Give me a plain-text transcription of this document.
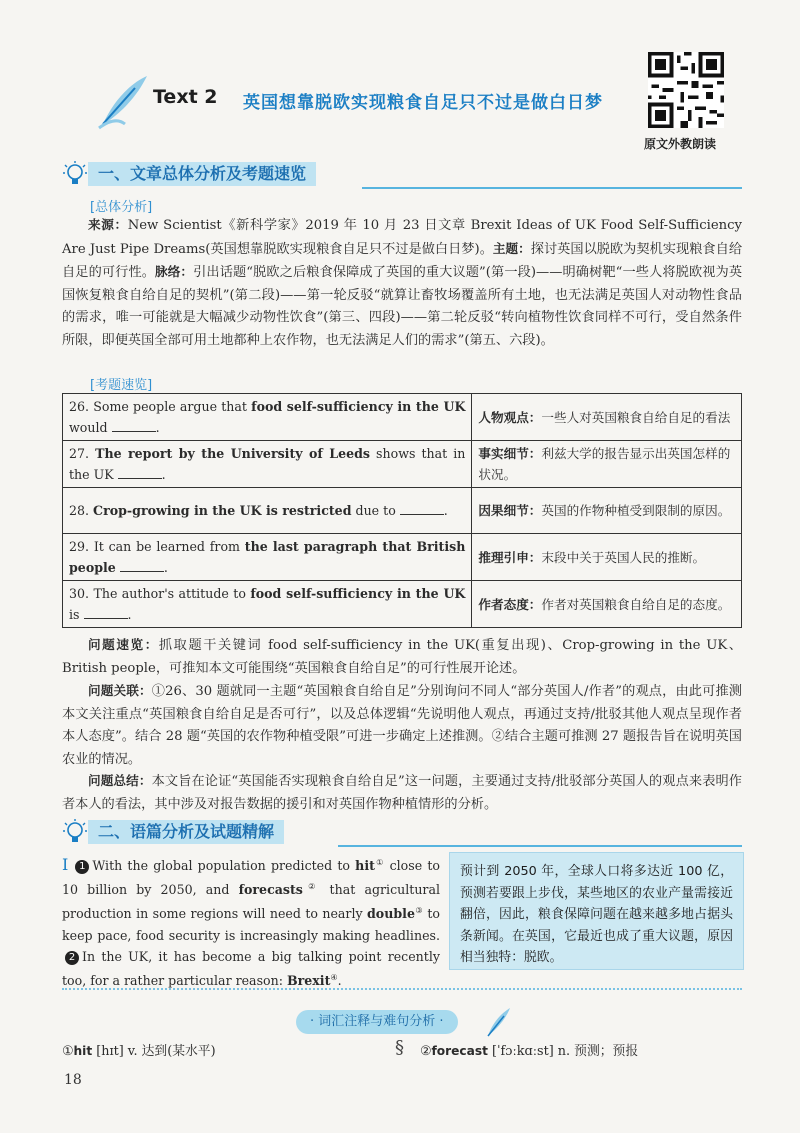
Text 2 英国想靠脱欧实现粮食自足只不过是做白日梦
原文外教朗读
一、文章总体分析及考题速览
[ 总体分析 ]
来源：New Scientist《新科学家》2019 年 10 月 23 日文章 Brexit Ideas of UK Food Self-Sufficiency Are Just Pipe Dreams(英国想靠脱欧实现粮食自足只不过是做白日梦)。主题：探讨英国以脱欧为契机实现粮食自给自足的可行性。脉络：引出话题“脱欧之后粮食保障成了英国的重大议题”(第一段)——明确树靶“一些人将脱欧视为英国恢复粮食自给自足的契机”(第二段)——第一轮反驳“就算让畜牧场覆盖所有土地，也无法满足英国人对动物性食品的需求，唯一可能就是大幅减少动物性饮食”(第三、四段)——第二轮反驳“转向植物性饮食同样不可行，受自然条件所限，即便英国全部可用土地都种上农作物，也无法满足人们的需求”(第五、六段)。
[ 考题速览 ]
26. Some people argue that food self-sufficiency in the UK would .	人物观点：一些人对英国粮食自给自足的看法
27. The report by the University of Leeds shows that in the UK .	事实细节：利兹大学的报告显示出英国怎样的状况。
28. Crop-growing in the UK is restricted due to .	因果细节：英国的作物种植受到限制的原因。
29. It can be learned from the last paragraph that British people .	推理引申：末段中关于英国人民的推断。
30. The author's attitude to food self-sufficiency in the UK is .	作者态度：作者对英国粮食自给自足的态度。
问题速览：抓取题干关键词 food self-sufficiency in the UK(重复出现)、Crop-growing in the UK、British people，可推知本文可能围绕“英国粮食自给自足”的可行性展开论述。
问题关联：①26、30 题就同一主题“英国粮食自给自足”分别询问不同人“部分英国人/作者”的观点，由此可推测本文关注重点“英国粮食自给自足是否可行”，以及总体逻辑“先说明他人观点，再通过支持/批驳其他人观点呈现作者本人态度”。结合 28 题“英国的农作物种植受限”可进一步确定上述推测。②结合主题可推测 27 题报告旨在说明英国农业的情况。
问题总结：本文旨在论证“英国能否实现粮食自给自足”这一问题，主要通过支持/批驳部分英国人的观点来表明作者本人的看法，其中涉及对报告数据的援引和对英国作物种植情形的分析。
二、语篇分析及试题精解
I 1 With the global population predicted to hit① close to 10 billion by 2050, and forecasts② that agricultural production in some regions will need to nearly double③ to keep pace, food security is increasingly making headlines. 2 In the UK, it has become a big talking point recently too, for a rather particular reason: Brexit④.
预计到 2050 年，全球人口将多达近 100 亿，预测若要跟上步伐，某些地区的农业产量需接近翻倍，因此，粮食保障问题在越来越多地占据头条新闻。在英国，它最近也成了重大议题，原因相当独特：脱欧。
· 词汇注释与难句分析 ·
①hit [hɪt] v. 达到(某水平)	§ ②forecast [ˈfɔːkɑːst] n. 预测；预报
18
